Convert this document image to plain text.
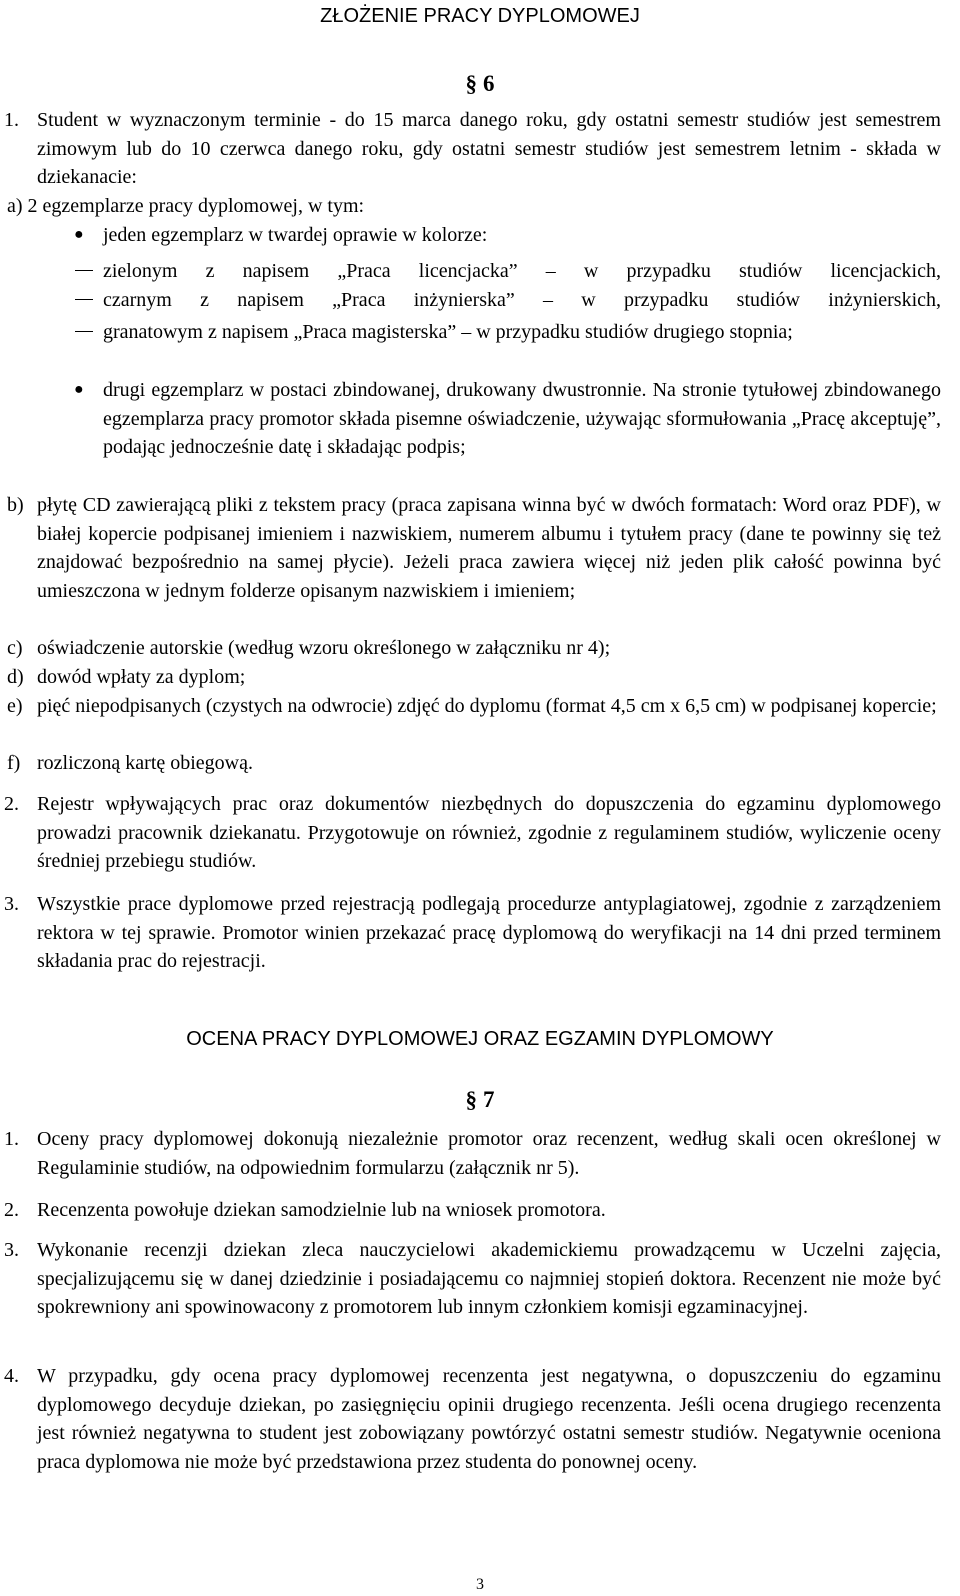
ZŁOŻENIE PRACY DYPLOMOWEJ
§ 6
1. Student w wyznaczonym terminie - do 15 marca danego roku, gdy ostatni semestr studiów jest semestrem zimowym lub do 10 czerwca danego roku, gdy ostatni semestr studiów jest semestrem letnim - składa w dziekanacie:
a) 2 egzemplarze pracy dyplomowej, w tym:
● jeden egzemplarz w twardej oprawie w kolorze:
zielonym z napisem „Praca licencjacka” – w przypadku studiów licencjackich,
czarnym z napisem „Praca inżynierska” – w przypadku studiów inżynierskich,
granatowym z napisem „Praca magisterska” – w przypadku studiów drugiego stopnia;
● drugi egzemplarz w postaci zbindowanej, drukowany dwustronnie. Na stronie tytułowej zbindowanego egzemplarza pracy promotor składa pisemne oświadczenie, używając sformułowania „Pracę akceptuję”, podając jednocześnie datę i składając podpis;
b) płytę CD zawierającą pliki z tekstem pracy (praca zapisana winna być w dwóch formatach: Word oraz PDF), w białej kopercie podpisanej imieniem i nazwiskiem, numerem albumu i tytułem pracy (dane te powinny się też znajdować bezpośrednio na samej płycie). Jeżeli praca zawiera więcej niż jeden plik całość powinna być umieszczona w jednym folderze opisanym nazwiskiem i imieniem;
c) oświadczenie autorskie (według wzoru określonego w załączniku nr 4);
d) dowód wpłaty za dyplom;
e) pięć niepodpisanych (czystych na odwrocie) zdjęć do dyplomu (format 4,5 cm x 6,5 cm) w podpisanej kopercie;
f) rozliczoną kartę obiegową.
2. Rejestr wpływających prac oraz dokumentów niezbędnych do dopuszczenia do egzaminu dyplomowego prowadzi pracownik dziekanatu. Przygotowuje on również, zgodnie z regulaminem studiów, wyliczenie oceny średniej przebiegu studiów.
3. Wszystkie prace dyplomowe przed rejestracją podlegają procedurze antyplagiatowej, zgodnie z zarządzeniem rektora w tej sprawie. Promotor winien przekazać pracę dyplomową do weryfikacji na 14 dni przed terminem składania prac do rejestracji.
OCENA PRACY DYPLOMOWEJ ORAZ EGZAMIN DYPLOMOWY
§ 7
1. Oceny pracy dyplomowej dokonują niezależnie promotor oraz recenzent, według skali ocen określonej w Regulaminie studiów, na odpowiednim formularzu (załącznik nr 5).
2. Recenzenta powołuje dziekan samodzielnie lub na wniosek promotora.
3. Wykonanie recenzji dziekan zleca nauczycielowi akademickiemu prowadzącemu w Uczelni zajęcia, specjalizującemu się w danej dziedzinie i posiadającemu co najmniej stopień doktora. Recenzent nie może być spokrewniony ani spowinowacony z promotorem lub innym członkiem komisji egzaminacyjnej.
4. W przypadku, gdy ocena pracy dyplomowej recenzenta jest negatywna, o dopuszczeniu do egzaminu dyplomowego decyduje dziekan, po zasięgnięciu opinii drugiego recenzenta. Jeśli ocena drugiego recenzenta jest również negatywna to student jest zobowiązany powtórzyć ostatni semestr studiów. Negatywnie oceniona praca dyplomowa nie może być przedstawiona przez studenta do ponownej oceny.
3
